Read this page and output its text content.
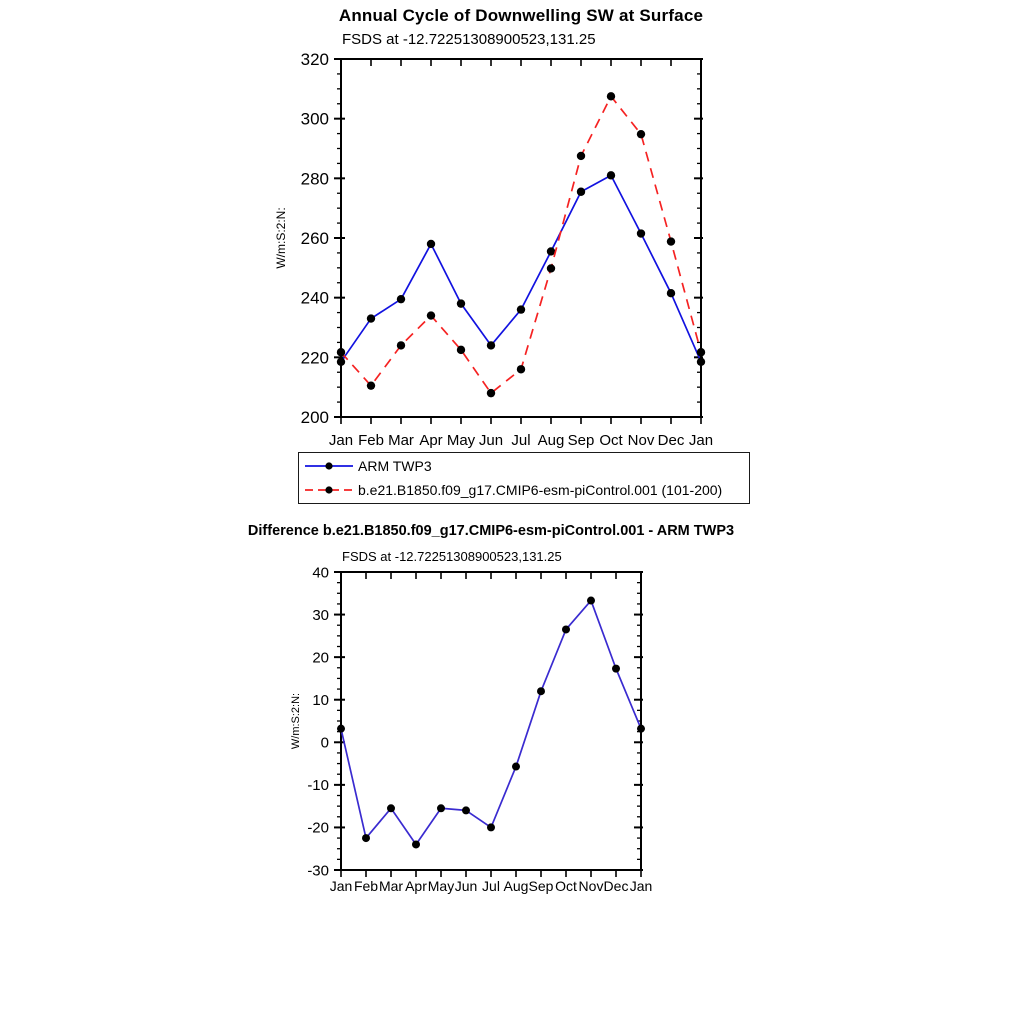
320
300
280
260
240
220
200
Jan Feb Mar Apr May Jun Jul Aug Sep Oct Nov Dec Jan
W/m:S:2:N:
40
30
20
10
0
-10
-20
-30
Jan Feb Mar Apr May Jun Jul Aug Sep Oct Nov Dec Jan
W/m:S:2:N:
Annual Cycle of Downwelling SW at Surface
FSDS at -12.72251308900523,131.25
ARM TWP3
b.e21.B1850.f09_g17.CMIP6-esm-piControl.001 (101-200)
Difference b.e21.B1850.f09_g17.CMIP6-esm-piControl.001 - ARM TWP3
FSDS at -12.72251308900523,131.25
